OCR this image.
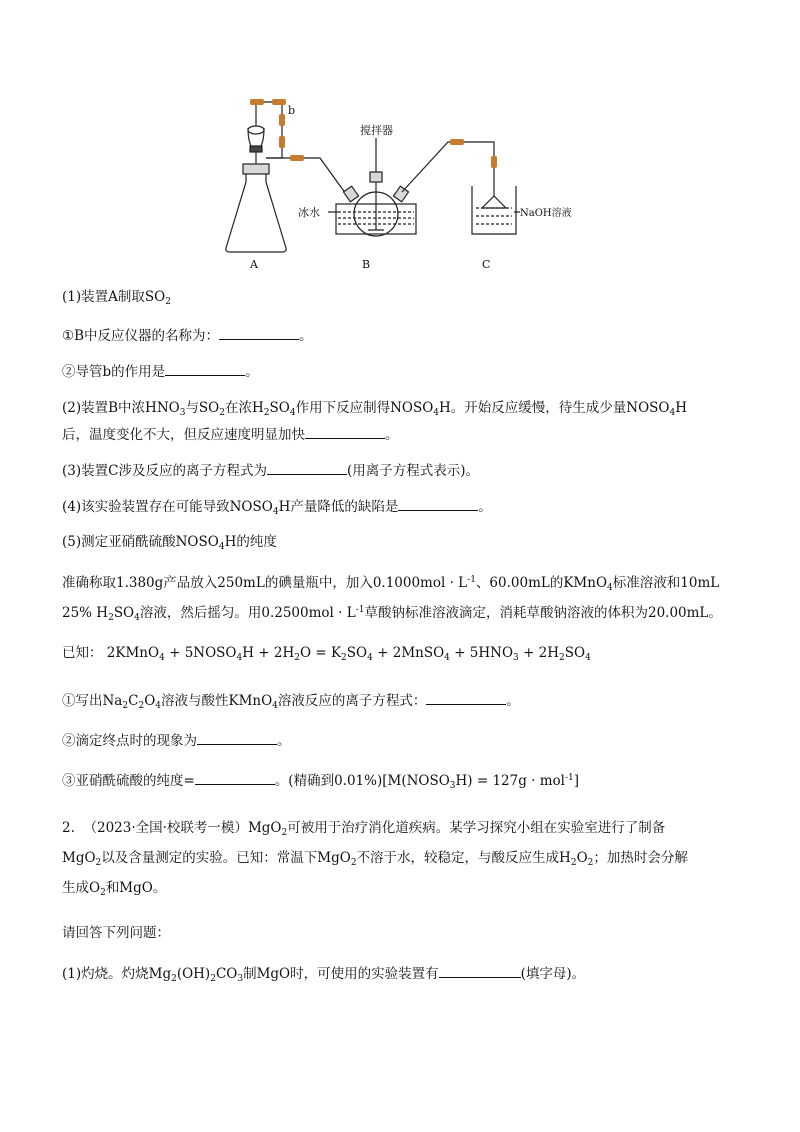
b
搅拌器
冰水	NaOH溶液
A	B	C
(1)装置A制取$SO_2$
①B中反应仪器的名称为：	。
②导管b的作用是	。
(2)装置B中浓$HNO_3$与$SO_2$在浓$H_2SO_4$作用下反应制得$NOSO_4H$。开始反应缓慢，待生成少量$NOSO_4H$
后，温度变化不大，但反应速度明显加快	。
(3)装置C涉及反应的离子方程式为	(用离子方程式表示)。
(4)该实验装置存在可能导致$NOSO_4H$产量降低的缺陷是	。
(5)测定亚硝酰硫酸$NOSO_4H$的纯度
准确称取1.380g产品放入250mL的碘量瓶中，加入$0.1000mol \cdot L^{-1}$、60.00mL的KMnO$_4$标准溶液和10mL
25% $H_2SO_4$溶液，然后摇匀。用$0.2500mol \cdot L^{-1}$草酸钠标准溶液滴定，消耗草酸钠溶液的体积为20.00mL。
已知： 2KMnO$_4$ + $5NOSO_4H + 2H_2O = K_2SO_4$ + 2MnSO$_4$ + $5HNO_3 + 2H_2SO_4$
①写出$Na_2C_2O_4$溶液与酸性KMnO$_4$溶液反应的离子方程式：	。
②滴定终点时的现象为	。
③亚硝酰硫酸的纯度=	。(精确到$0.01\%)[M(NOSO_3H) = 127g \cdot mol^{-1}]$
2. （2023·全国·校联考一模）MgO$_2$可被用于治疗消化道疾病。某学习探究小组在实验室进行了制备
MgO$_2$以及含量测定的实验。已知：常温下MgO$_2$不溶于水，较稳定，与酸反应生成$H_2O_2$；加热时会分解
生成$O_2$和MgO。
请回答下列问题：
(1)灼烧。灼烧$Mg_2(OH)_2CO_3$制MgO时，可使用的实验装置有	(填字母)。
